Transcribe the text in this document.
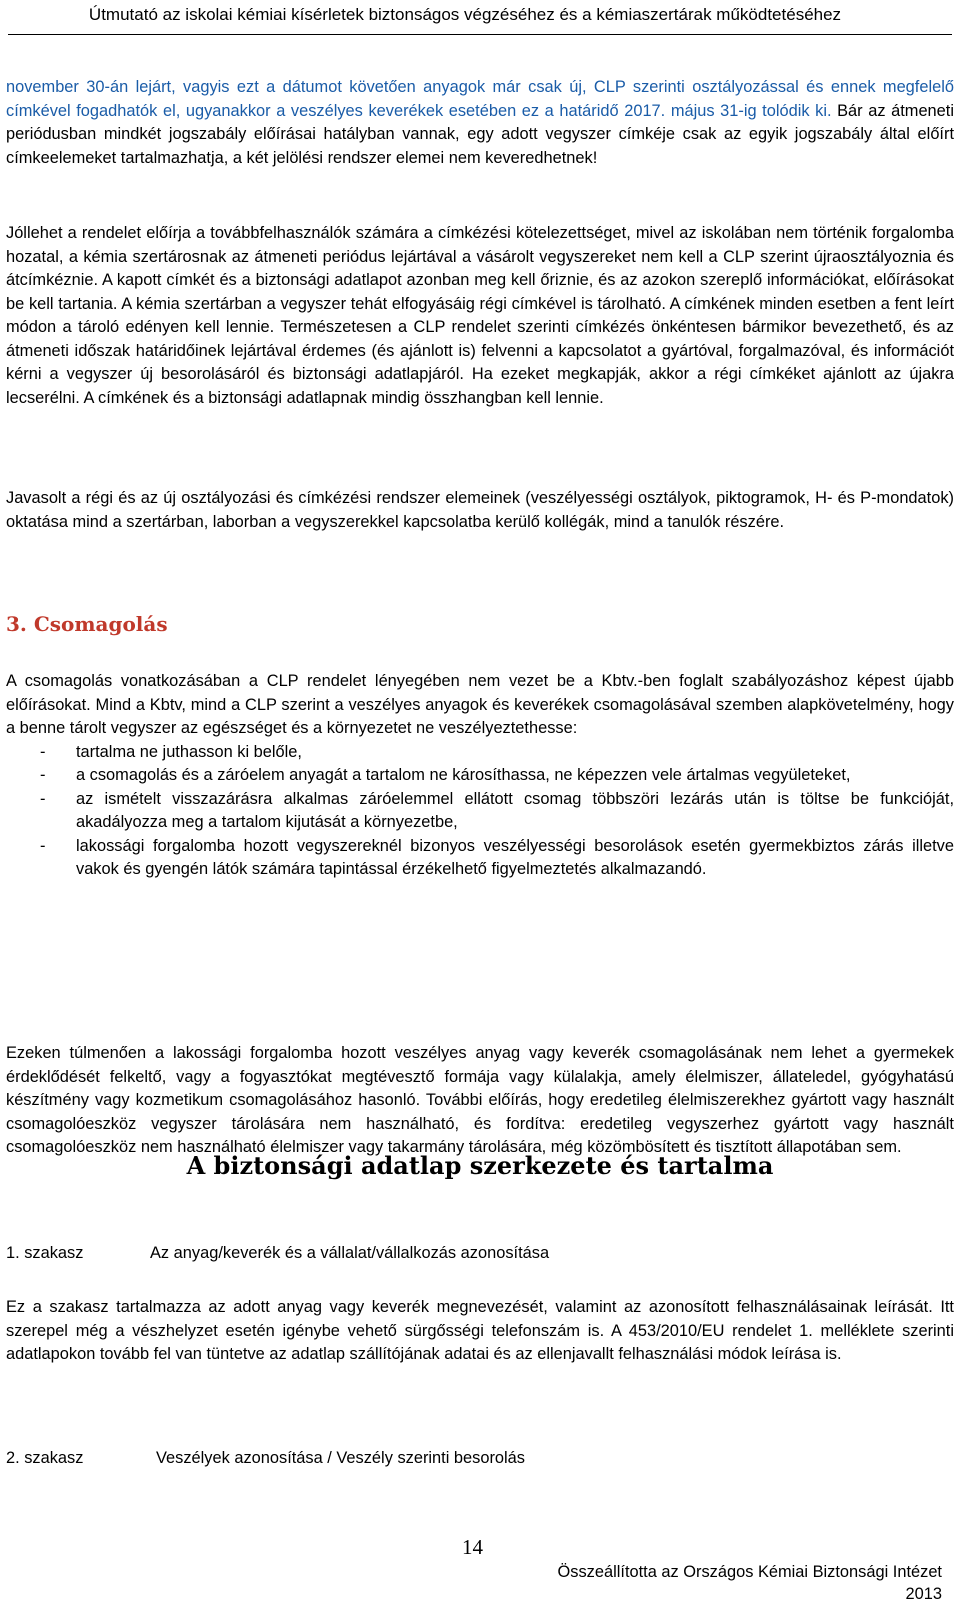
Útmutató az iskolai kémiai kísérletek biztonságos végzéséhez és a kémiaszertárak működtetéséhez

november 30-án lejárt, vagyis ezt a dátumot követően anyagok már csak új, CLP szerinti osztályozással és ennek megfelelő címkével fogadhatók el, ugyanakkor a veszélyes keverékek esetében ez a határidő 2017. május 31-ig tolódik ki. Bár az átmeneti periódusban mindkét jogszabály előírásai hatályban vannak, egy adott vegyszer címkéje csak az egyik jogszabály által előírt címkeelemeket tartalmazhatja, a két jelölési rendszer elemei nem keveredhetnek!

Jóllehet a rendelet előírja a továbbfelhasználók számára a címkézési kötelezettséget, mivel az iskolában nem történik forgalomba hozatal, a kémia szertárosnak az átmeneti periódus lejártával a vásárolt vegyszereket nem kell a CLP szerint újraosztályoznia és átcímkéznie. A kapott címkét és a biztonsági adatlapot azonban meg kell őriznie, és az azokon szereplő információkat, előírásokat be kell tartania. A kémia szertárban a vegyszer tehát elfogyásáig régi címkével is tárolható. A címkének minden esetben a fent leírt módon a tároló edényen kell lennie. Természetesen a CLP rendelet szerinti címkézés önkéntesen bármikor bevezethető, és az átmeneti időszak határidőinek lejártával érdemes (és ajánlott is) felvenni a kapcsolatot a gyártóval, forgalmazóval, és információt kérni a vegyszer új besorolásáról és biztonsági adatlapjáról. Ha ezeket megkapják, akkor a régi címkéket ajánlott az újakra lecserélni. A címkének és a biztonsági adatlapnak mindig összhangban kell lennie.

Javasolt a régi és az új osztályozási és címkézési rendszer elemeinek (veszélyességi osztályok, piktogramok, H- és P-mondatok) oktatása mind a szertárban, laborban a vegyszerekkel kapcsolatba kerülő kollégák, mind a tanulók részére.

3. Csomagolás

A csomagolás vonatkozásában a CLP rendelet lényegében nem vezet be a Kbtv.-ben foglalt szabályozáshoz képest újabb előírásokat. Mind a Kbtv, mind a CLP szerint a veszélyes anyagok és keverékek csomagolásával szemben alapkövetelmény, hogy a benne tárolt vegyszer az egészséget és a környezetet ne veszélyeztethesse:

- tartalma ne juthasson ki belőle,
- a csomagolás és a záróelem anyagát a tartalom ne károsíthassa, ne képezzen vele ártalmas vegyületeket,
- az ismételt visszazárásra alkalmas záróelemmel ellátott csomag többszöri lezárás után is töltse be funkcióját, akadályozza meg a tartalom kijutását a környezetbe,
- lakossági forgalomba hozott vegyszereknél bizonyos veszélyességi besorolások esetén gyermekbiztos zárás illetve vakok és gyengén látók számára tapintással érzékelhető figyelmeztetés alkalmazandó.

Ezeken túlmenően a lakossági forgalomba hozott veszélyes anyag vagy keverék csomagolásának nem lehet a gyermekek érdeklődését felkeltő, vagy a fogyasztókat megtévesztő formája vagy külalakja, amely élelmiszer, állateledel, gyógyhatású készítmény vagy kozmetikum csomagolásához hasonló. További előírás, hogy eredetileg élelmiszerekhez gyártott vagy használt csomagolóeszköz vegyszer tárolására nem használható, és fordítva: eredetileg vegyszerhez gyártott vagy használt csomagolóeszköz nem használható élelmiszer vagy takarmány tárolására, még közömbösített és tisztított állapotában sem.

A biztonsági adatlap szerkezete és tartalma
1. szakasz	Az anyag/keverék és a vállalat/vállalkozás azonosítása

Ez a szakasz tartalmazza az adott anyag vagy keverék megnevezését, valamint az azonosított felhasználásainak leírását. Itt szerepel még a vészhelyzet esetén igénybe vehető sürgősségi telefonszám is. A 453/2010/EU rendelet 1. melléklete szerinti adatlapokon tovább fel van tüntetve az adatlap szállítójának adatai és az ellenjavallt felhasználási módok leírása is.

2. szakasz	Veszélyek azonosítása / Veszély szerinti besorolás
14
Összeállította az Országos Kémiai Biztonsági Intézet
2013
